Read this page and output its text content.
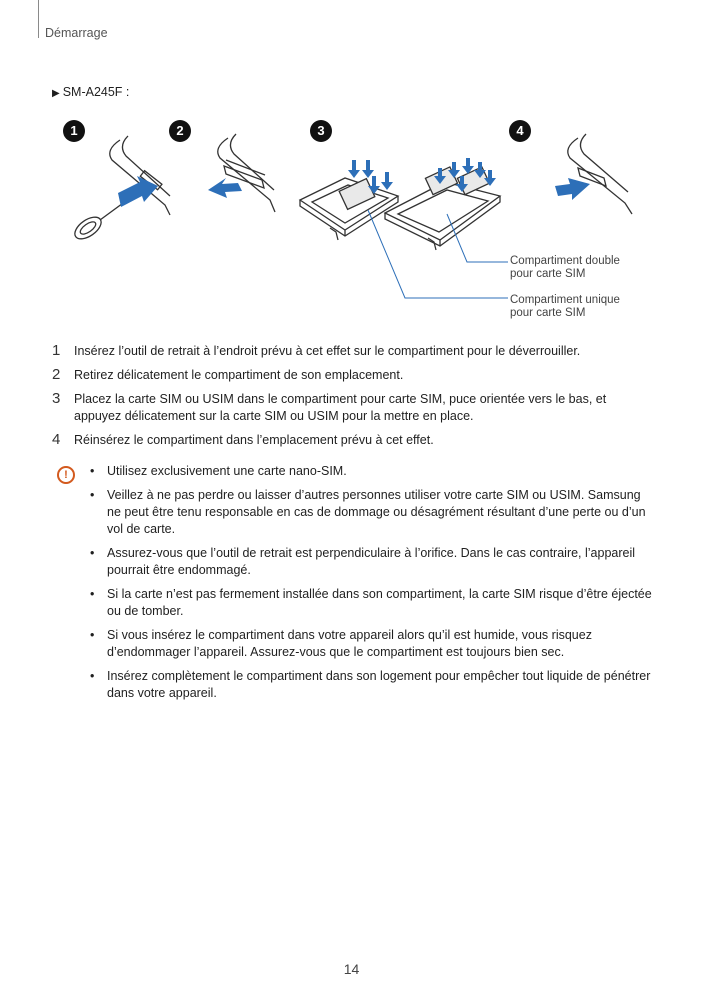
Démarrage
▶ SM-A245F :
1	2	3	4
Compartiment double
pour carte SIM
Compartiment unique
pour carte SIM
1 Insérez l’outil de retrait à l’endroit prévu à cet effet sur le compartiment pour le déverrouiller.
2 Retirez délicatement le compartiment de son emplacement.
3 Placez la carte SIM ou USIM dans le compartiment pour carte SIM, puce orientée vers le bas, et appuyez délicatement sur la carte SIM ou USIM pour la mettre en place.
4 Réinsérez le compartiment dans l’emplacement prévu à cet effet.
!
•	Utilisez exclusivement une carte nano-SIM.
• Veillez à ne pas perdre ou laisser d’autres personnes utiliser votre carte SIM ou USIM. Samsung ne peut être tenu responsable en cas de dommage ou désagrément résultant d’une perte ou d’un vol de carte.
• Assurez-vous que l’outil de retrait est perpendiculaire à l’orifice. Dans le cas contraire, l’appareil pourrait être endommagé.
• Si la carte n’est pas fermement installée dans son compartiment, la carte SIM risque d’être éjectée ou de tomber.
• Si vous insérez le compartiment dans votre appareil alors qu’il est humide, vous risquez d’endommager l’appareil. Assurez-vous que le compartiment est toujours bien sec.
• Insérez complètement le compartiment dans son logement pour empêcher tout liquide de pénétrer dans votre appareil.
14
